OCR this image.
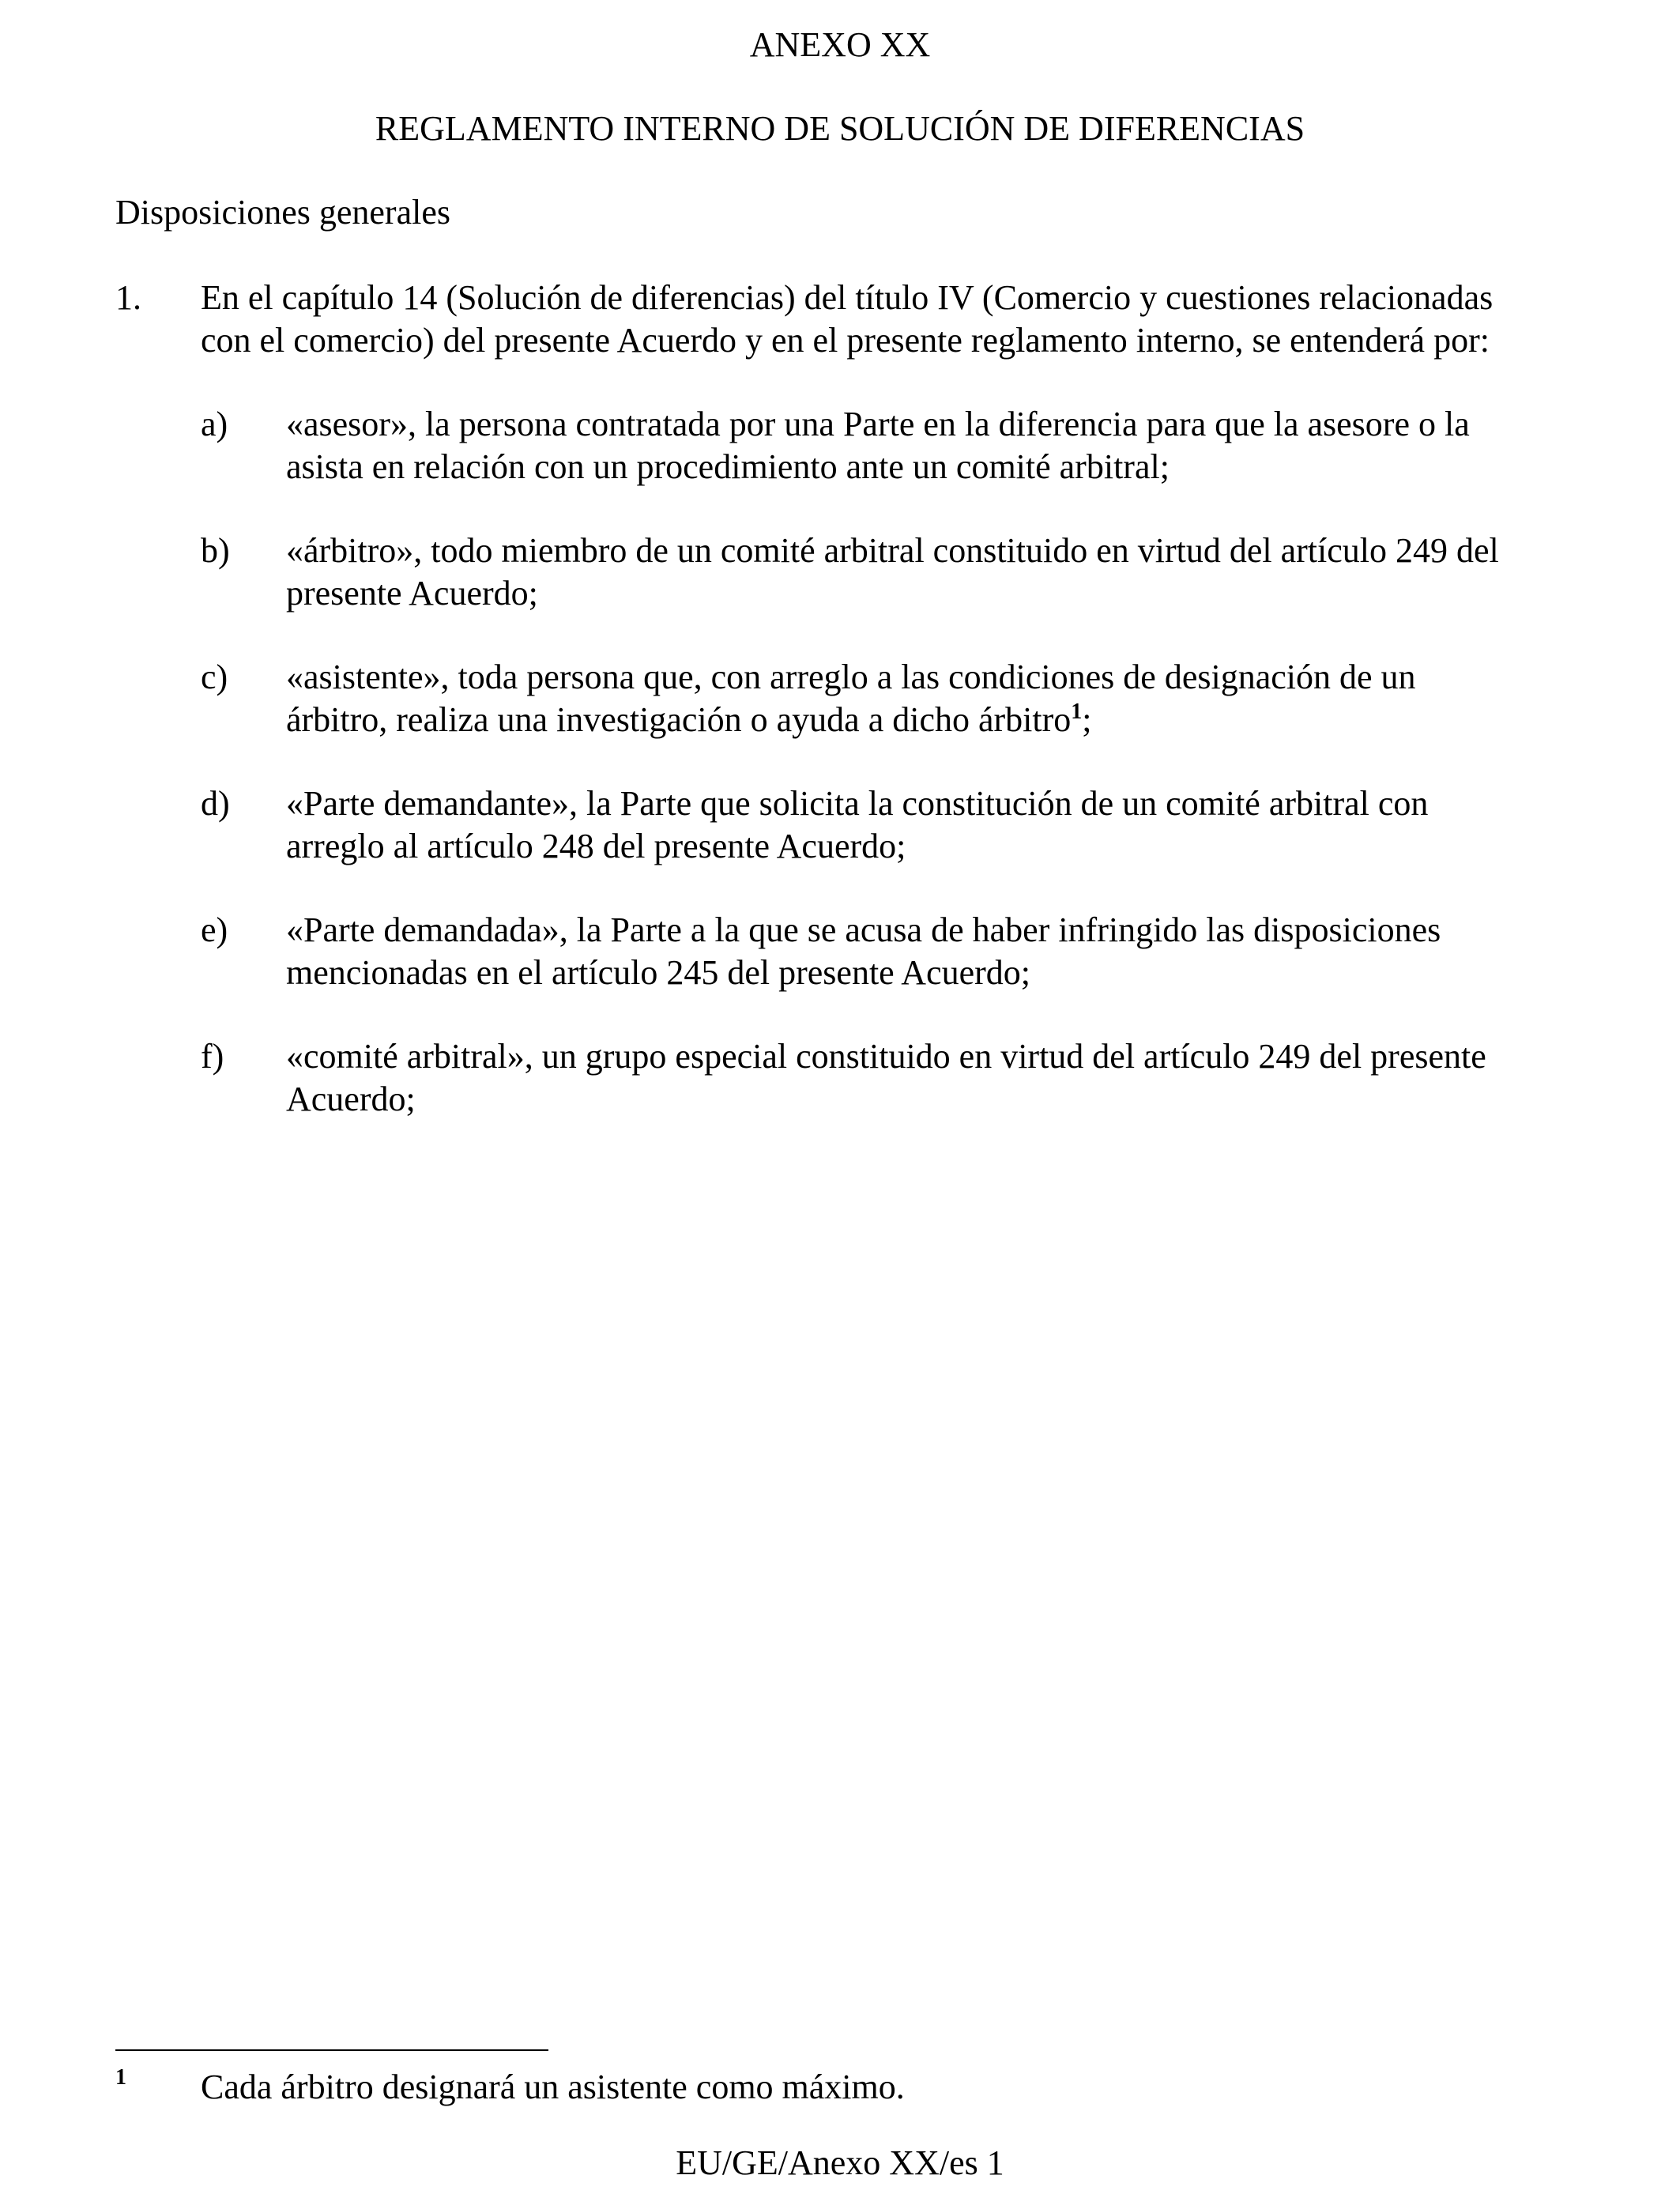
ANEXO XX
REGLAMENTO INTERNO DE SOLUCIÓN DE DIFERENCIAS
Disposiciones generales
1. En el capítulo 14 (Solución de diferencias) del título IV (Comercio y cuestiones relacionadas
con el comercio) del presente Acuerdo y en el presente reglamento interno, se entenderá por:
a) «asesor», la persona contratada por una Parte en la diferencia para que la asesore o la
asista en relación con un procedimiento ante un comité arbitral;
b) «árbitro», todo miembro de un comité arbitral constituido en virtud del artículo 249 del
presente Acuerdo;
c) «asistente», toda persona que, con arreglo a las condiciones de designación de un
árbitro, realiza una investigación o ayuda a dicho árbitro$^1$;
d) «Parte demandante», la Parte que solicita la constitución de un comité arbitral con
arreglo al artículo 248 del presente Acuerdo;
e) «Parte demandada», la Parte a la que se acusa de haber infringido las disposiciones
mencionadas en el artículo 245 del presente Acuerdo;
f) «comité arbitral», un grupo especial constituido en virtud del artículo 249 del presente
Acuerdo;
1 Cada árbitro designará un asistente como máximo.
EU/GE/Anexo XX/es 1
